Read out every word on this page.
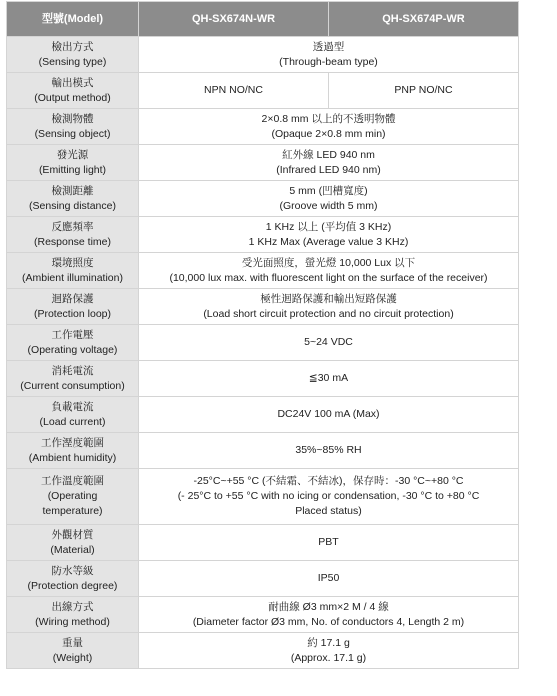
型號(Model)	QH-SX674N-WR	QH-SX674P-WR

檢出方式
(Sensing type)	透過型
(Through-beam type)	

輸出模式
(Output method)	NPN NO/NC	PNP NO/NC

檢測物體
(Sensing object)	2×0.8 mm 以上的不透明物體
(Opaque 2×0.8 mm min)	

發光源
(Emitting light)	紅外線 LED 940 nm
(Infrared LED 940 nm)	

檢測距離
(Sensing distance)	5 mm (凹槽寬度)
(Groove width 5 mm)	

反應頻率
(Response time)	1 KHz 以上 (平均值 3 KHz)
1 KHz Max (Average value 3 KHz)	

環境照度
(Ambient illumination)	受光面照度，螢光燈 10,000 Lux 以下
(10,000 lux max. with fluorescent light on the surface of the receiver)	

迴路保護
(Protection loop)	極性迴路保護和輸出短路保護
(Load short circuit protection and no circuit protection)	

工作電壓
(Operating voltage)	5~24 VDC	

消耗電流
(Current consumption)	≦30 mA	

負載電流
(Load current)	DC24V 100 mA (Max)	

工作溼度範圍
(Ambient humidity)	35%~85% RH	

工作溫度範圍
(Operating
temperature)	-25°C~+55 °C (不結霜、不結冰)，保存時：-30 °C~+80 °C
(- 25°C to +55 °C with no icing or condensation, -30 °C to +80 °C
Placed status)	

外觀材質
(Material)	PBT	

防水等級
(Protection degree)	IP50	

出線方式
(Wiring method)	耐曲線 Ø3 mm×2 M / 4 線
(Diameter factor Ø3 mm, No. of conductors 4, Length 2 m)	

重量
(Weight)	約 17.1 g
(Approx. 17.1 g)	
